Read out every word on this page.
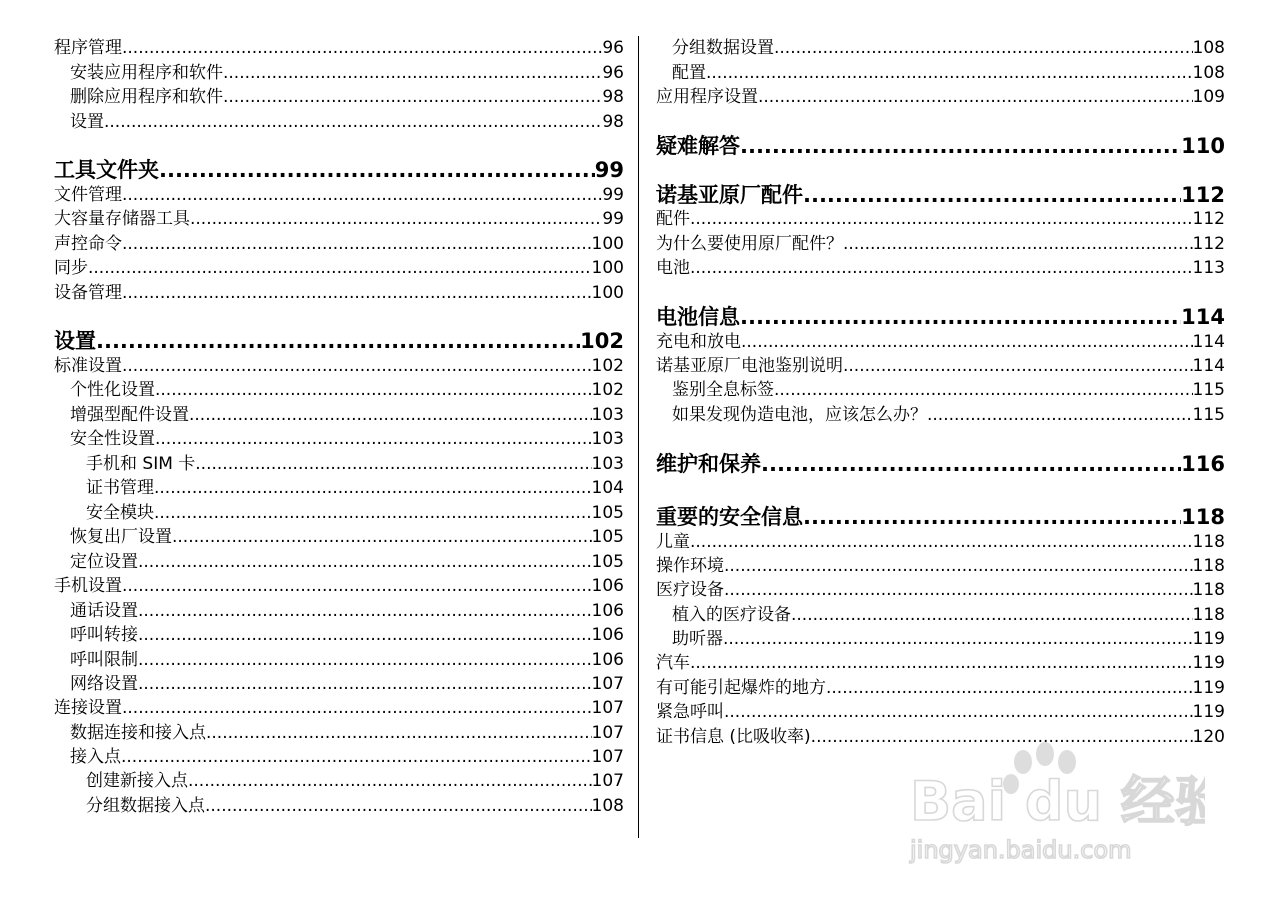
程序管理 .....	96
安装应用程序和软件 .....	96
删除应用程序和软件 .....	98
设置 .....	98
工具文件夹 .....	99
文件管理 .....	99
大容量存储器工具 .....	99
声控命令 .....	100
同步 .....	100
设备管理 .....	100
设置 .....	102
标准设置 .....	102
个性化设置 .....	102
增强型配件设置 .....	103
安全性设置 .....	103
手机和 SIM 卡 .....	103
证书管理 .....	104
安全模块 .....	105
恢复出厂设置 .....	105
定位设置 .....	105
手机设置 .....	106
通话设置 .....	106
呼叫转接 .....	106
呼叫限制 .....	106
网络设置 .....	107
连接设置 .....	107
数据连接和接入点 .....	107
接入点 .....	107
创建新接入点 .....	107
分组数据接入点 .....	108
分组数据设置 .....	108
配置 .....	108
应用程序设置 .....	109
疑难解答 .....	110
诺基亚原厂配件 .....	112
配件 .....	112
为什么要使用原厂配件？ .....	112
电池 .....	113
电池信息 .....	114
充电和放电 .....	114
诺基亚原厂电池鉴别说明 .....	114
鉴别全息标签 .....	115
如果发现伪造电池，应该怎么办？ .....	115
维护和保养 .....	116
重要的安全信息 .....	118
儿童 .....	118
操作环境 .....	118
医疗设备 .....	118
植入的医疗设备 .....	118
助听器 .....	119
汽车 .....	119
有可能引起爆炸的地方 .....	119
紧急呼叫 .....	119
证书信息 (比吸收率) .....	120
Bai du 经验
jingyan.baidu.com
